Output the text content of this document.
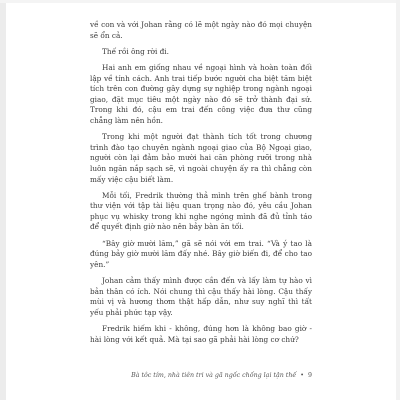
về con và với Johan rằng có lẽ một ngày nào đó mọi chuyện sẽ ổn cả.

Thế rồi ông rời đi.

Hai anh em giống nhau về ngoại hình và hoàn toàn đối lập về tính cách. Anh trai tiếp bước người cha biệt tăm biệt tích trên con đường gây dựng sự nghiệp trong ngành ngoại giao, đặt mục tiêu một ngày nào đó sẽ trở thành đại sứ. Trong khi đó, cậu em trai đến công việc đưa thư cũng chẳng làm nên hồn.

Trong khi một người đạt thành tích tốt trong chương trình đào tạo chuyên ngành ngoại giao của Bộ Ngoại giao, người còn lại đảm bảo mười hai căn phòng rưỡi trong nhà luôn ngăn nắp sạch sẽ, vì ngoài chuyện ấy ra thì chẳng còn mấy việc cậu biết làm.

Mỗi tối, Fredrik thường thả mình trên ghế bành trong thư viện với tập tài liệu quan trọng nào đó, yêu cầu Johan phục vụ whisky trong khi nghe ngóng mình đã đủ tỉnh táo để quyết định giờ nào nên bảy bàn ăn tối.

“Bây giờ mười lăm,” gã sẽ nói với em trai. “Và ý tao là đúng bảy giờ mười lăm đấy nhé. Bây giờ biến đi, để cho tao yên.”

Johan cảm thấy mình được cần đến và lấy làm tự hào vì bản thân có ích. Nói chung thì cậu thấy hài lòng. Cậu thấy mùi vị và hương thơm thật hấp dẫn, như suy nghĩ thì tất yếu phải phức tạp vậy.

Fredrik hiếm khi - không, đúng hơn là không bao giờ - hài lòng với kết quả. Mà tại sao gã phải hài lòng cơ chứ?

Bà tôc tím, nhà tiên tri và gã ngốc chống lại tận thế • 9
